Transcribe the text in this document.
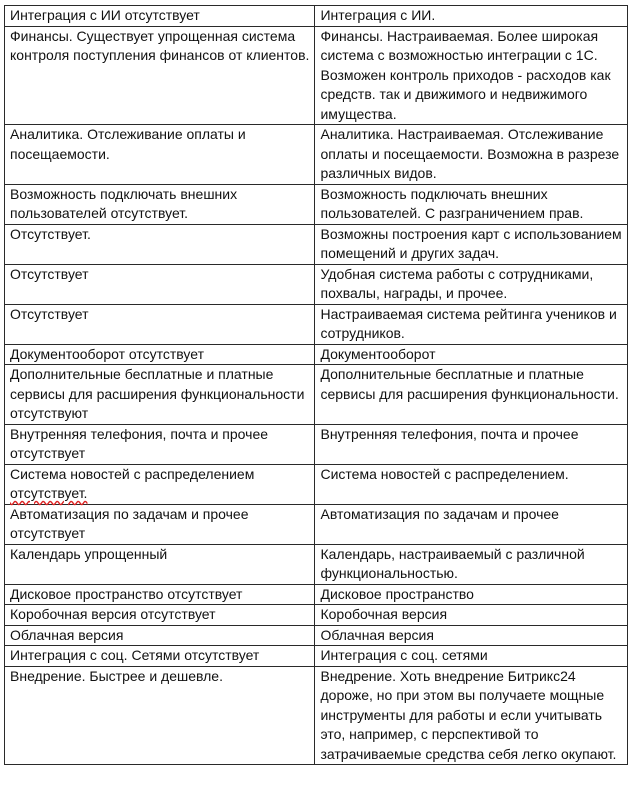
Интеграция с ИИ отсутствует	Интеграция с ИИ.
Финансы. Существует упрощенная система контроля поступления финансов от клиентов.	Финансы. Настраиваемая. Более широкая система с возможностью интеграции с 1С. Возможен контроль приходов - расходов как средств. так и движимого и недвижимого имущества.
Аналитика. Отслеживание оплаты и посещаемости.	Аналитика. Настраиваемая. Отслеживание оплаты и посещаемости. Возможна в разрезе различных видов.
Возможность подключать внешних пользователей отсутствует.	Возможность подключать внешних пользователей. С разграничением прав.
Отсутствует.	Возможны построения карт с использованием помещений и других задач.
Отсутствует	Удобная система работы с сотрудниками, похвалы, награды, и прочее.
Отсутствует	Настраиваемая система рейтинга учеников и сотрудников.
Документооборот отсутствует	Документооборот
Дополнительные бесплатные и платные сервисы для расширения функциональности отсутствуют	Дополнительные бесплатные и платные сервисы для расширения функциональности.
Внутренняя телефония, почта и прочее отсутствует	Внутренняя телефония, почта и прочее
Система новостей с распределением отсутствует.	Система новостей с распределением.
Автоматизация по задачам и прочее отсутствует	Автоматизация по задачам и прочее
Календарь упрощенный	Календарь, настраиваемый с различной функциональностью.
Дисковое пространство отсутствует	Дисковое пространство
Коробочная версия отсутствует	Коробочная версия
Облачная версия	Облачная версия
Интеграция с соц. Сетями отсутствует	Интеграция с соц. сетями
Внедрение. Быстрее и дешевле.	Внедрение. Хоть внедрение Битрикс24 дороже, но при этом вы получаете мощные инструменты для работы и если учитывать это, например, с перспективой то затрачиваемые средства себя легко окупают.
